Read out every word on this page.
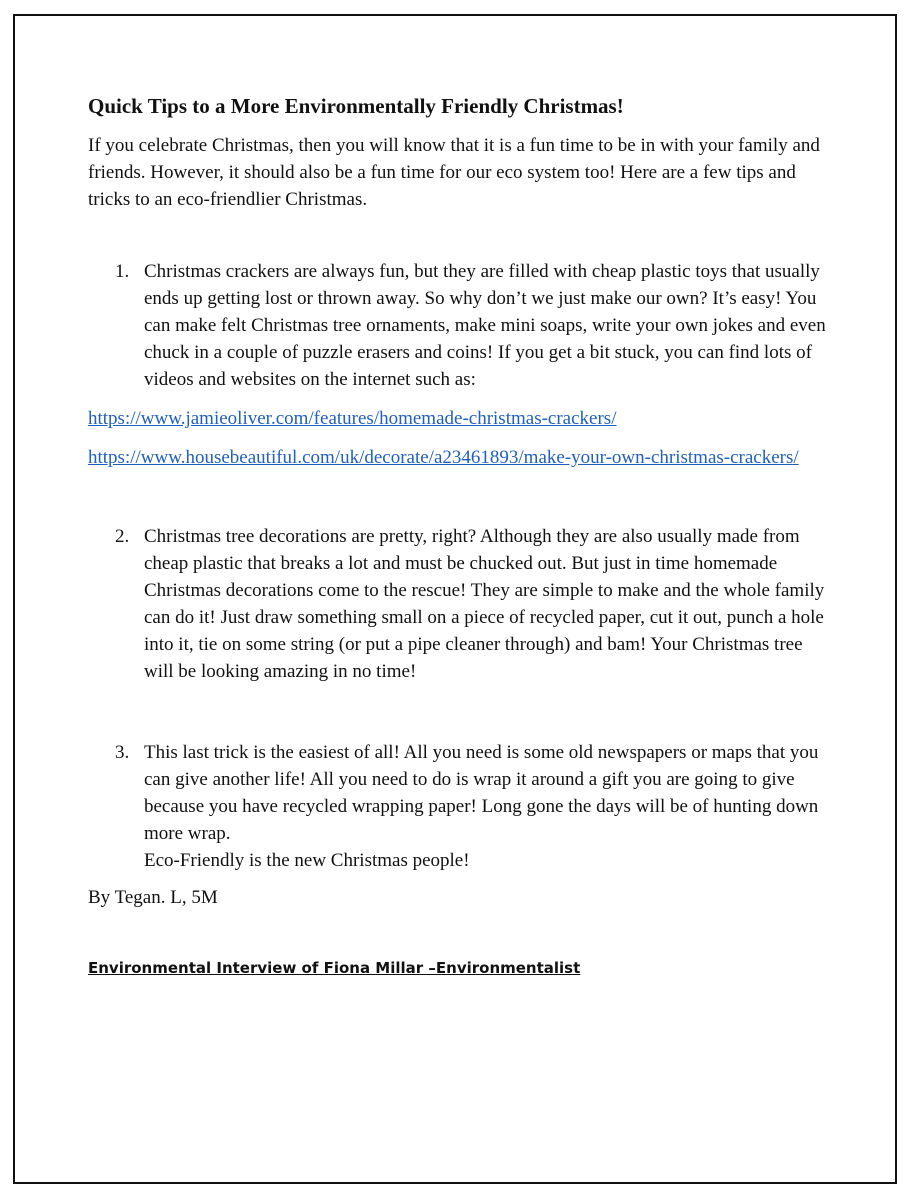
Quick Tips to a More Environmentally Friendly Christmas!

If you celebrate Christmas, then you will know that it is a fun time to be in with your family and friends. However, it should also be a fun time for our eco system too! Here are a few tips and tricks to an eco-friendlier Christmas.

1. Christmas crackers are always fun, but they are filled with cheap plastic toys that usually ends up getting lost or thrown away. So why don’t we just make our own? It’s easy! You can make felt Christmas tree ornaments, make mini soaps, write your own jokes and even chuck in a couple of puzzle erasers and coins! If you get a bit stuck, you can find lots of videos and websites on the internet such as:
https://www.jamieoliver.com/features/homemade-christmas-crackers/
https://www.housebeautiful.com/uk/decorate/a23461893/make-your-own-christmas-crackers/
2. Christmas tree decorations are pretty, right? Although they are also usually made from cheap plastic that breaks a lot and must be chucked out. But just in time homemade Christmas decorations come to the rescue! They are simple to make and the whole family can do it! Just draw something small on a piece of recycled paper, cut it out, punch a hole into it, tie on some string (or put a pipe cleaner through) and bam! Your Christmas tree will be looking amazing in no time!
3. This last trick is the easiest of all! All you need is some old newspapers or maps that you can give another life! All you need to do is wrap it around a gift you are going to give because you have recycled wrapping paper! Long gone the days will be of hunting down more wrap.
Eco-Friendly is the new Christmas people!
By Tegan. L, 5M
Environmental Interview of Fiona Millar –Environmentalist
